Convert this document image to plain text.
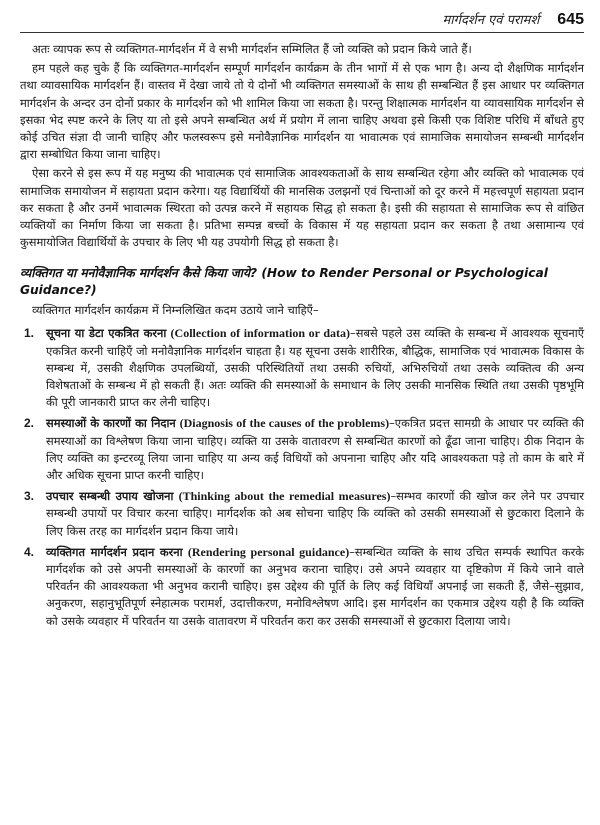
मार्गदर्शन एवं परामर्श 645

अतः व्यापक रूप से व्यक्तिगत-मार्गदर्शन में वे सभी मार्गदर्शन सम्मिलित हैं जो व्यक्ति को प्रदान किये जाते हैं।

हम पहले कह चुके हैं कि व्यक्तिगत-मार्गदर्शन सम्पूर्ण मार्गदर्शन कार्यक्रम के तीन भागों में से एक भाग है। अन्य दो शैक्षणिक मार्गदर्शन तथा व्यावसायिक मार्गदर्शन हैं। वास्तव में देखा जाये तो ये दोनों भी व्यक्तिगत समस्याओं के साथ ही सम्बन्धित हैं इस आधार पर व्यक्तिगत मार्गदर्शन के अन्दर उन दोनों प्रकार के मार्गदर्शन को भी शामिल किया जा सकता है। परन्तु शिक्षात्मक मार्गदर्शन या व्यावसायिक मार्गदर्शन से इसका भेद स्पष्ट करने के लिए या तो इसे अपने सम्बन्धित अर्थ में प्रयोग में लाना चाहिए अथवा इसे किसी एक विशिष्ट परिधि में बाँधते हुए कोई उचित संज्ञा दी जानी चाहिए और फलस्वरूप इसे मनोवैज्ञानिक मार्गदर्शन या भावात्मक एवं सामाजिक समायोजन सम्बन्धी मार्गदर्शन द्वारा सम्बोधित किया जाना चाहिए।

ऐसा करने से इस रूप में यह मनुष्य की भावात्मक एवं सामाजिक आवश्यकताओं के साथ सम्बन्धित रहेगा और व्यक्ति को भावात्मक एवं सामाजिक समायोजन में सहायता प्रदान करेगा। यह विद्यार्थियों की मानसिक उलझनों एवं चिन्ताओं को दूर करने में महत्त्वपूर्ण सहायता प्रदान कर सकता है और उनमें भावात्मक स्थिरता को उत्पन्न करने में सहायक सिद्ध हो सकता है। इसी की सहायता से सामाजिक रूप से वांछित व्यक्तियों का निर्माण किया जा सकता है। प्रतिभा सम्पन्न बच्चों के विकास में यह सहायता प्रदान कर सकता है तथा असामान्य एवं कुसमायोजित विद्यार्थियों के उपचार के लिए भी यह उपयोगी सिद्ध हो सकता है।

व्यक्तिगत या मनोवैज्ञानिक मार्गदर्शन कैसे किया जाये? (How to Render Personal or Psychological Guidance?)

व्यक्तिगत मार्गदर्शन कार्यक्रम में निम्नलिखित कदम उठाये जाने चाहिएँ–

1. सूचना या डेटा एकत्रित करना (Collection of information or data)–सबसे पहले उस व्यक्ति के सम्बन्ध में आवश्यक सूचनाएँ एकत्रित करनी चाहिएँ जो मनोवैज्ञानिक मार्गदर्शन चाहता है। यह सूचना उसके शारीरिक, बौद्धिक, सामाजिक एवं भावात्मक विकास के सम्बन्ध में, उसकी शैक्षणिक उपलब्धियों, उसकी परिस्थितियों तथा उसकी रुचियों, अभिरुचियों तथा उसके व्यक्तित्व की अन्य विशेषताओं के सम्बन्ध में हो सकती हैं। अतः व्यक्ति की समस्याओं के समाधान के लिए उसकी मानसिक स्थिति तथा उसकी पृष्ठभूमि की पूरी जानकारी प्राप्त कर लेनी चाहिए।
2. समस्याओं के कारणों का निदान (Diagnosis of the causes of the problems)–एकत्रित प्रदत्त सामग्री के आधार पर व्यक्ति की समस्याओं का विश्लेषण किया जाना चाहिए। व्यक्ति या उसके वातावरण से सम्बन्धित कारणों को ढूँढा जाना चाहिए। ठीक निदान के लिए व्यक्ति का इन्टरव्यू लिया जाना चाहिए या अन्य कई विधियों को अपनाना चाहिए और यदि आवश्यकता पड़े तो काम के बारे में और अधिक सूचना प्राप्त करनी चाहिए।
3. उपचार सम्बन्धी उपाय खोजना (Thinking about the remedial measures)–सम्भव कारणों की खोज कर लेने पर उपचार सम्बन्धी उपायों पर विचार करना चाहिए। मार्गदर्शक को अब सोचना चाहिए कि व्यक्ति को उसकी समस्याओं से छुटकारा दिलाने के लिए किस तरह का मार्गदर्शन प्रदान किया जाये।
4. व्यक्तिगत मार्गदर्शन प्रदान करना (Rendering personal guidance)–सम्बन्धित व्यक्ति के साथ उचित सम्पर्क स्थापित करके मार्गदर्शक को उसे अपनी समस्याओं के कारणों का अनुभव कराना चाहिए। उसे अपने व्यवहार या दृष्टिकोण में किये जाने वाले परिवर्तन की आवश्यकता भी अनुभव करानी चाहिए। इस उद्देश्य की पूर्ति के लिए कई विधियाँ अपनाई जा सकती हैं, जैसे–सुझाव, अनुकरण, सहानुभूतिपूर्ण स्नेहात्मक परामर्श, उदात्तीकरण, मनोविश्लेषण आदि। इस मार्गदर्शन का एकमात्र उद्देश्य यही है कि व्यक्ति को उसके व्यवहार में परिवर्तन या उसके वातावरण में परिवर्तन करा कर उसकी समस्याओं से छुटकारा दिलाया जाये।
